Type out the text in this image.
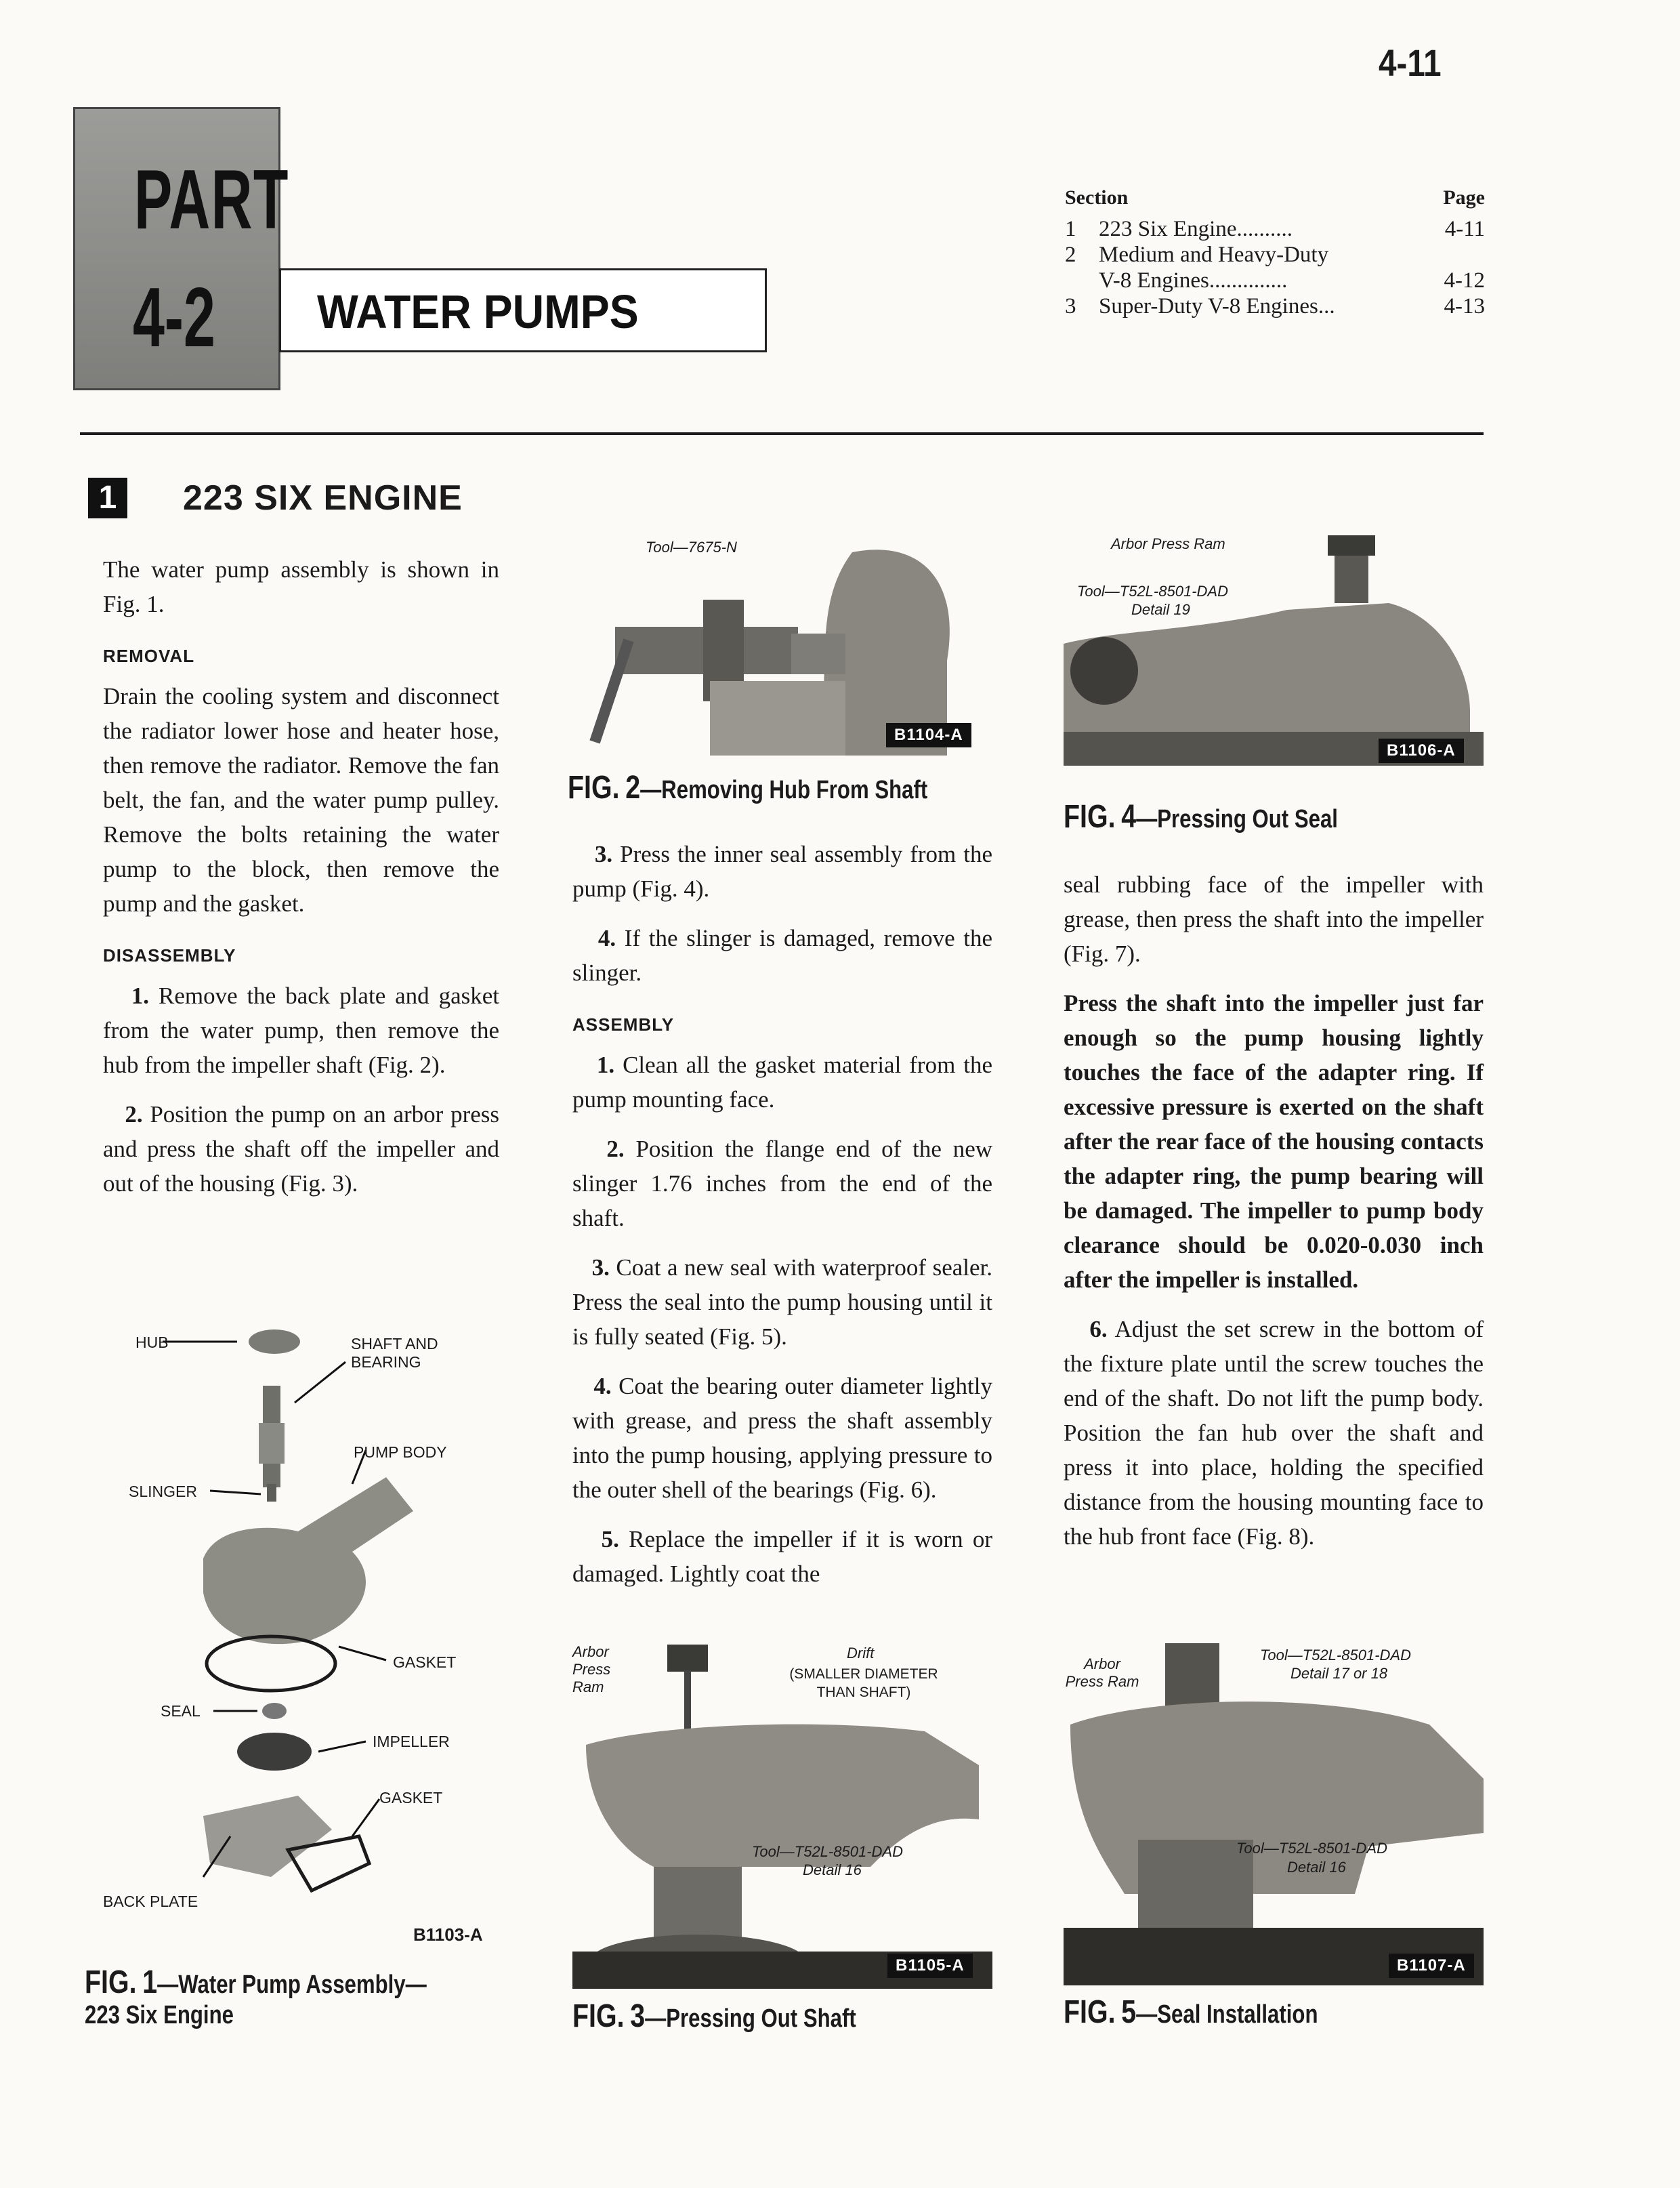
4-11
PART
4-2 WATER PUMPS
Section	Page
1	223 Six Engine ..........	4-11
2	Medium and Heavy-Duty
V-8 Engines ..............	4-12
3	Super-Duty V-8 Engines ...	4-13
1	223 SIX ENGINE

The water pump assembly is shown in Fig. 1.

REMOVAL

Drain the cooling system and disconnect the radiator lower hose and heater hose, then remove the radiator. Remove the fan belt, the fan, and the water pump pulley. Remove the bolts retaining the water pump to the block, then remove the pump and the gasket.

DISASSEMBLY

1. Remove the back plate and gasket from the water pump, then remove the hub from the impeller shaft (Fig. 2).

2. Position the pump on an arbor press and press the shaft off the impeller and out of the housing (Fig. 3).

HUB	SHAFT AND BEARING
PUMP BODY
SLINGER
GASKET
SEAL
IMPELLER
GASKET
BACK PLATE
B1103-A
FIG. 1—Water Pump Assembly—
223 Six Engine
Tool—7675-N
B1104-A
FIG. 2—Removing Hub From Shaft

3. Press the inner seal assembly from the pump (Fig. 4).

4. If the slinger is damaged, remove the slinger.

ASSEMBLY

1. Clean all the gasket material from the pump mounting face.

2. Position the flange end of the new slinger 1.76 inches from the end of the shaft.

3. Coat a new seal with waterproof sealer. Press the seal into the pump housing until it is fully seated (Fig. 5).

4. Coat the bearing outer diameter lightly with grease, and press the shaft assembly into the pump housing, applying pressure to the outer shell of the bearings (Fig. 6).

5. Replace the impeller if it is worn or damaged. Lightly coat the

Arbor Press Ram
Drift
(SMALLER DIAMETER THAN SHAFT)
Tool—T52L-8501-DAD
Detail 16
B1105-A
FIG. 3—Pressing Out Shaft
Arbor Press Ram
Tool—T52L-8501-DAD
Detail 19
B1106-A
FIG. 4—Pressing Out Seal

seal rubbing face of the impeller with grease, then press the shaft into the impeller (Fig. 7).

Press the shaft into the impeller just far enough so the pump housing lightly touches the face of the adapter ring. If excessive pressure is exerted on the shaft after the rear face of the housing contacts the adapter ring, the pump bearing will be damaged. The impeller to pump body clearance should be 0.020-0.030 inch after the impeller is installed.

6. Adjust the set screw in the bottom of the fixture plate until the screw touches the end of the shaft. Do not lift the pump body. Position the fan hub over the shaft and press it into place, holding the specified distance from the housing mounting face to the hub front face (Fig. 8).

Arbor Press Ram
Tool—T52L-8501-DAD
Detail 17 or 18
Tool—T52L-8501-DAD
Detail 16
B1107-A
FIG. 5—Seal Installation
